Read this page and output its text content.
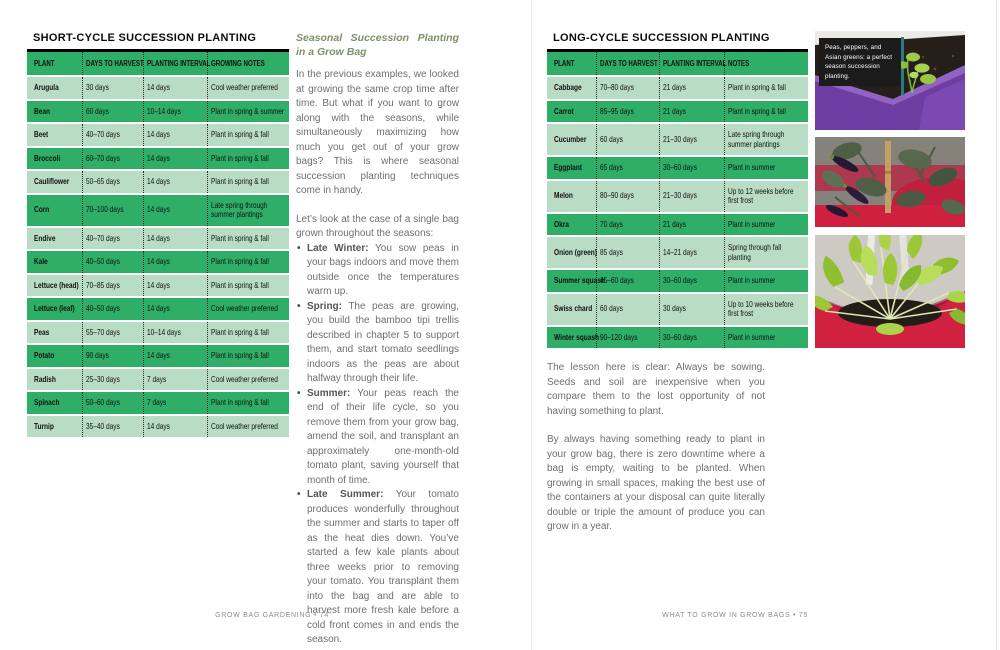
SHORT-CYCLE SUCCESSION PLANTING
PLANT	DAYS TO HARVEST	PLANTING INTERVAL	GROWING NOTES
Arugula	30 days	14 days	Cool weather preferred
Bean	60 days	10–14 days	Plant in spring & summer
Beet	40–70 days	14 days	Plant in spring & fall
Broccoli	60–70 days	14 days	Plant in spring & fall
Cauliflower	50–65 days	14 days	Plant in spring & fall
Corn	70–100 days	14 days	Late spring through summer plantings
Endive	40–70 days	14 days	Plant in spring & fall
Kale	40–50 days	14 days	Plant in spring & fall
Lettuce (head)	70–85 days	14 days	Plant in spring & fall
Lettuce (leaf)	40–50 days	14 days	Cool weather preferred
Peas	55–70 days	10–14 days	Plant in spring & fall
Potato	90 days	14 days	Plant in spring & fall
Radish	25–30 days	7 days	Cool weather preferred
Spinach	50–60 days	7 days	Plant in spring & fall
Turnip	35–40 days	14 days	Cool weather preferred
Seasonal Succession Planting in a Grow Bag

In the previous examples, we looked at growing the same crop time after time. But what if you want to grow along with the seasons, while simultaneously maximizing how much you get out of your grow bags? This is where seasonal succession planting techniques come in handy.

Let’s look at the case of a single bag grown throughout the seasons:

• Late Winter: You sow peas in your bags indoors and move them outside once the temperatures warm up.
• Spring: The peas are growing, you build the bamboo tipi trellis described in chapter 5 to support them, and start tomato seedlings indoors as the peas are about halfway through their life.
• Summer: Your peas reach the end of their life cycle, so you remove them from your grow bag, amend the soil, and transplant an approximately one-month-old tomato plant, saving yourself that month of time.
• Late Summer: Your tomato produces wonderfully throughout the summer and starts to taper off as the heat dies down. You’ve started a few kale plants about three weeks prior to removing your tomato. You transplant them into the bag and are able to harvest more fresh kale before a cold front comes in and ends the season.
LONG-CYCLE SUCCESSION PLANTING
PLANT	DAYS TO HARVEST	PLANTING INTERVAL	NOTES
Cabbage	70–80 days	21 days	Plant in spring & fall
Carrot	85–95 days	21 days	Plant in spring & fall
Cucumber	60 days	21–30 days	Late spring through summer plantings
Eggplant	65 days	30–60 days	Plant in summer
Melon	80–90 days	21–30 days	Up to 12 weeks before first frost
Okra	70 days	21 days	Plant in summer
Onion (green)	85 days	14–21 days	Spring through fall planting
Summer squash	45–60 days	30–60 days	Plant in summer
Swiss chard	60 days	30 days	Up to 10 weeks before first frost
Winter squash	90–120 days	30–60 days	Plant in summer

The lesson here is clear: Always be sowing. Seeds and soil are inexpensive when you compare them to the lost opportunity of not having something to plant.

By always having something ready to plant in your grow bag, there is zero downtime where a bag is empty, waiting to be planted. When growing in small spaces, making the best use of the containers at your disposal can quite literally double or triple the amount of produce you can grow in a year.

Peas, peppers, and Asian greens: a perfect season succession planting.
GROW BAG GARDENING • 74	WHAT TO GROW IN GROW BAGS • 75
